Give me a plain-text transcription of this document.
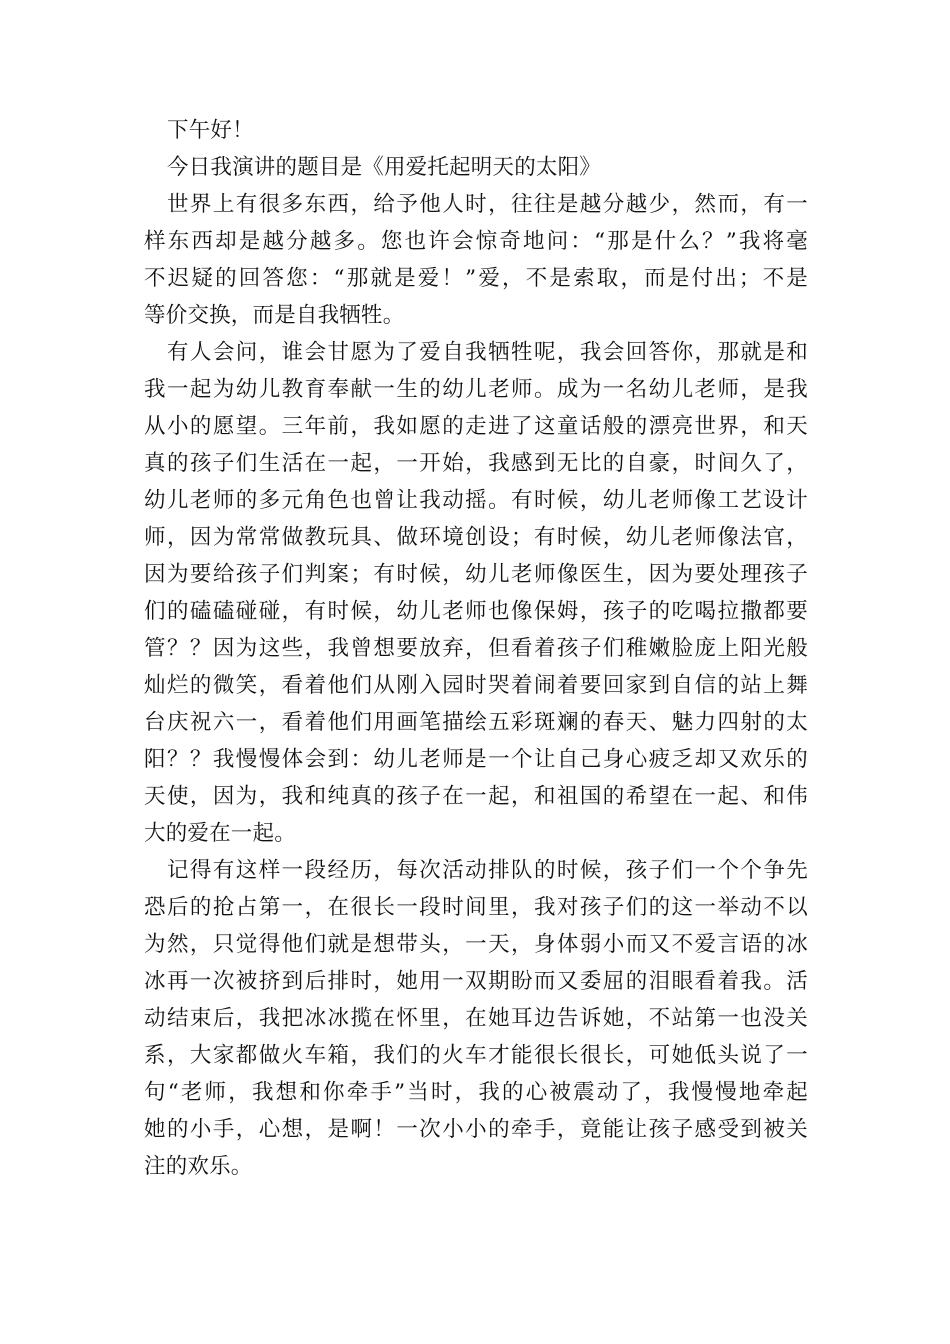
下午好！

今日我演讲的题目是《用爱托起明天的太阳》

世界上有很多东西，给予他人时，往往是越分越少，然而，有一

样东西却是越分越多。您也许会惊奇地问：“那是什么？”我将毫

不迟疑的回答您：“那就是爱！”爱，不是索取，而是付出；不是

等价交换，而是自我牺牲。

有人会问，谁会甘愿为了爱自我牺牲呢，我会回答你，那就是和

我一起为幼儿教育奉献一生的幼儿老师。成为一名幼儿老师，是我

从小的愿望。三年前，我如愿的走进了这童话般的漂亮世界，和天

真的孩子们生活在一起，一开始，我感到无比的自豪，时间久了，

幼儿老师的多元角色也曾让我动摇。有时候，幼儿老师像工艺设计

师，因为常常做教玩具、做环境创设；有时候，幼儿老师像法官，

因为要给孩子们判案；有时候，幼儿老师像医生，因为要处理孩子

们的磕磕碰碰，有时候，幼儿老师也像保姆，孩子的吃喝拉撒都要

管？？因为这些，我曾想要放弃，但看着孩子们稚嫩脸庞上阳光般

灿烂的微笑，看着他们从刚入园时哭着闹着要回家到自信的站上舞

台庆祝六一，看着他们用画笔描绘五彩斑斓的春天、魅力四射的太

阳？？我慢慢体会到：幼儿老师是一个让自己身心疲乏却又欢乐的

天使，因为，我和纯真的孩子在一起，和祖国的希望在一起、和伟

大的爱在一起。

记得有这样一段经历，每次活动排队的时候，孩子们一个个争先

恐后的抢占第一，在很长一段时间里，我对孩子们的这一举动不以

为然，只觉得他们就是想带头，一天，身体弱小而又不爱言语的冰

冰再一次被挤到后排时，她用一双期盼而又委屈的泪眼看着我。活

动结束后，我把冰冰揽在怀里，在她耳边告诉她，不站第一也没关

系，大家都做火车箱，我们的火车才能很长很长，可她低头说了一

句“老师，我想和你牵手”当时，我的心被震动了，我慢慢地牵起

她的小手，心想，是啊！一次小小的牵手，竟能让孩子感受到被关

注的欢乐。
